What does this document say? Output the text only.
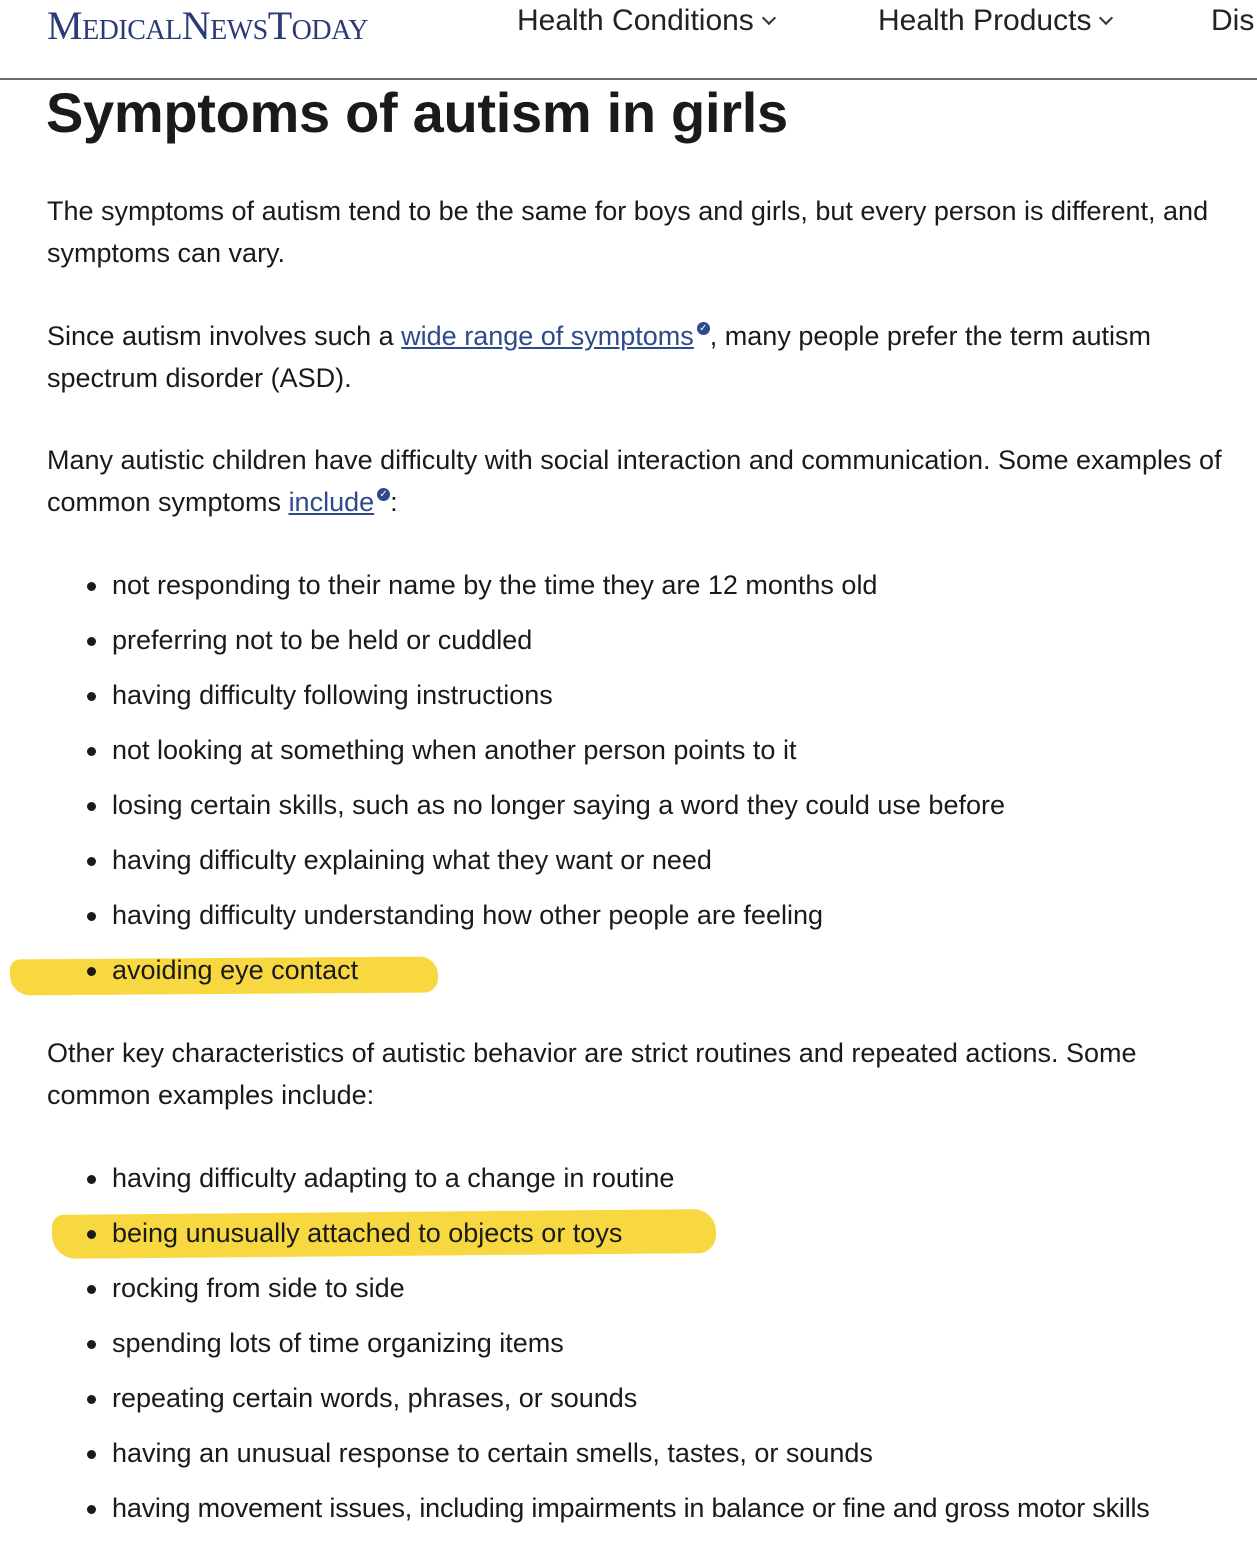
MedicalNewsToday	Health Conditions	Health Products	Dis
Symptoms of autism in girls

The symptoms of autism tend to be the same for boys and girls, but every person is different, and symptoms can vary.

Since autism involves such a wide range of symptoms ✓, many people prefer the term autism spectrum disorder (ASD).

Many autistic children have difficulty with social interaction and communication. Some examples of common symptoms include ✓:

not responding to their name by the time they are 12 months old
preferring not to be held or cuddled
having difficulty following instructions
not looking at something when another person points to it
losing certain skills, such as no longer saying a word they could use before
having difficulty explaining what they want or need
having difficulty understanding how other people are feeling
avoiding eye contact

Other key characteristics of autistic behavior are strict routines and repeated actions. Some common examples include:

having difficulty adapting to a change in routine
being unusually attached to objects or toys
rocking from side to side
spending lots of time organizing items
repeating certain words, phrases, or sounds
having an unusual response to certain smells, tastes, or sounds
having movement issues, including impairments in balance or fine and gross motor skills
